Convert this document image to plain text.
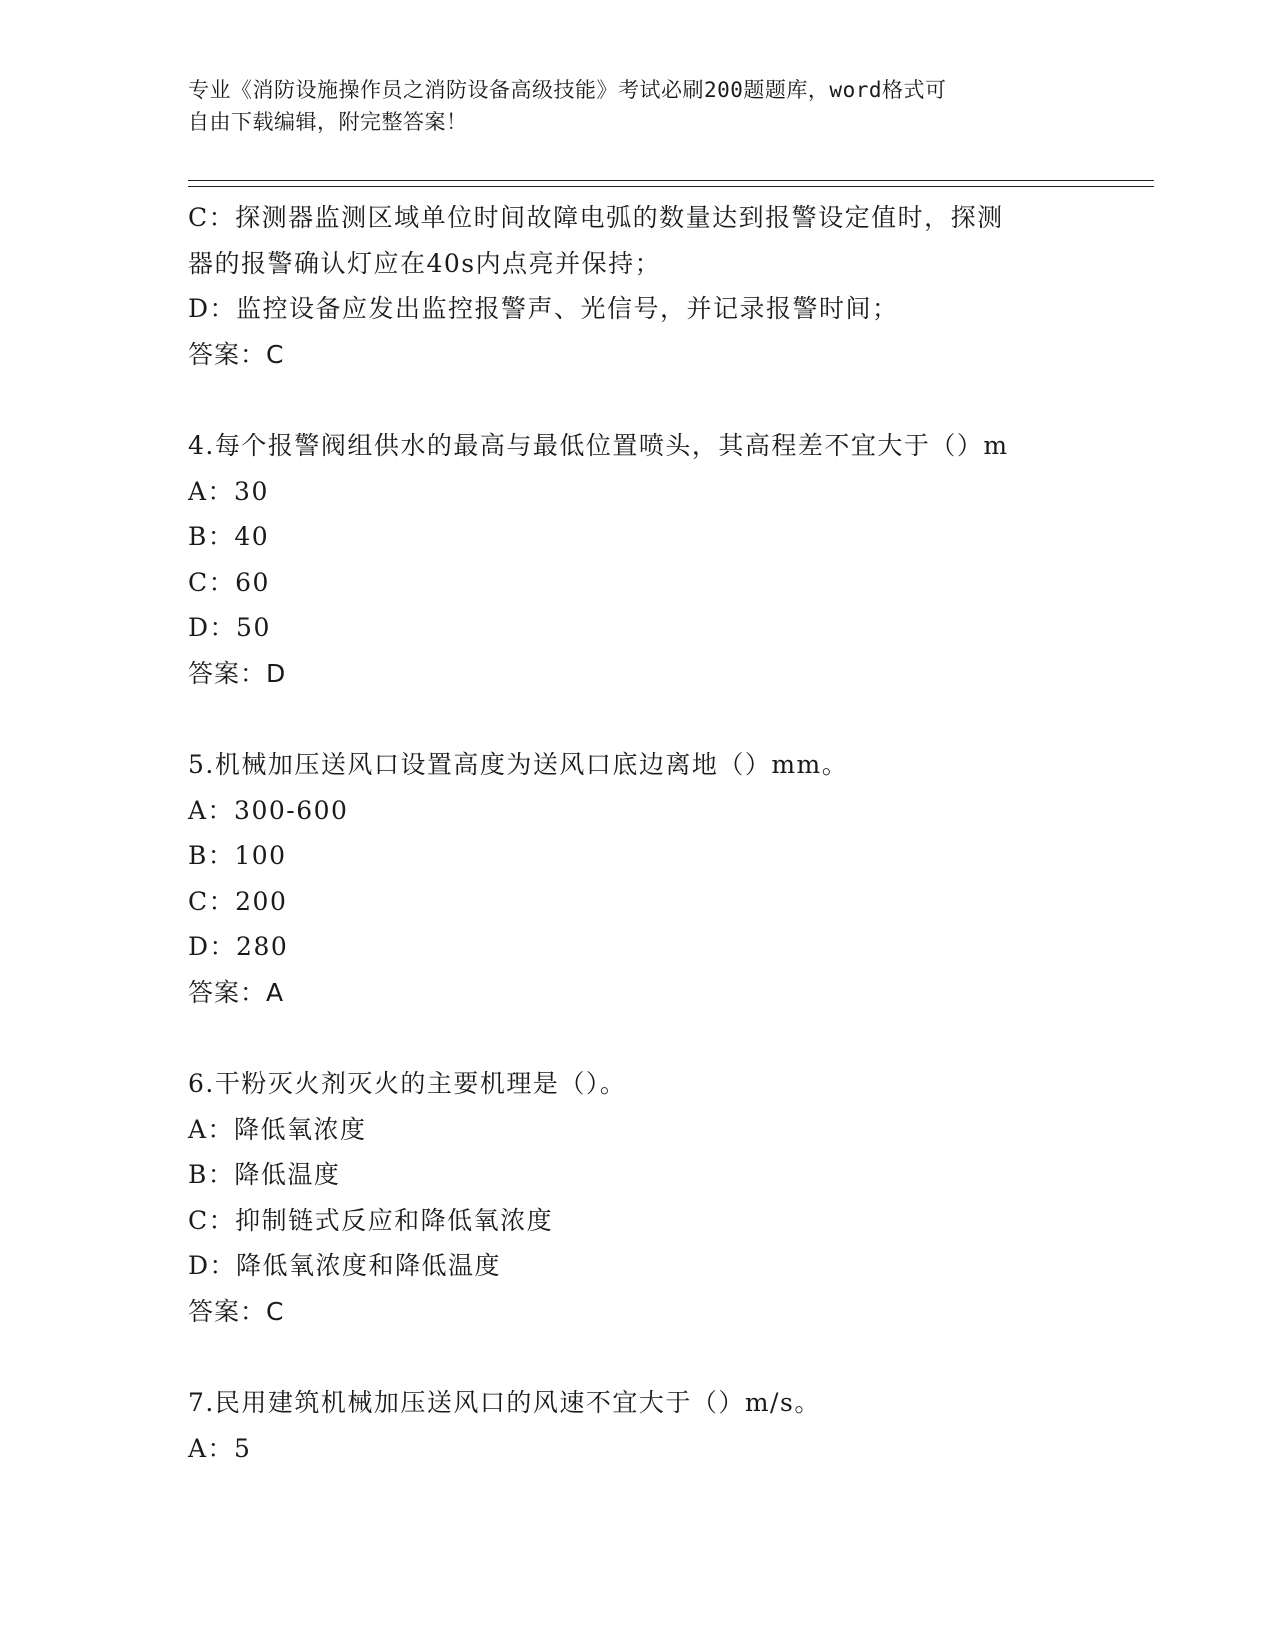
专业《消防设施操作员之消防设备高级技能》考试必刷200题题库，word格式可
自由下载编辑，附完整答案！
C：探测器监测区域单位时间故障电弧的数量达到报警设定值时，探测
器的报警确认灯应在40s内点亮并保持；
D：监控设备应发出监控报警声、光信号，并记录报警时间；
答案：C
4.每个报警阀组供水的最高与最低位置喷头，其高程差不宜大于（）m
A：30
B：40
C：60
D：50
答案：D
5.机械加压送风口设置高度为送风口底边离地（）mm。
A：300-600
B：100
C：200
D：280
答案：A
6.干粉灭火剂灭火的主要机理是（）。
A：降低氧浓度
B：降低温度
C：抑制链式反应和降低氧浓度
D：降低氧浓度和降低温度
答案：C
7.民用建筑机械加压送风口的风速不宜大于（）m/s。
A：5
